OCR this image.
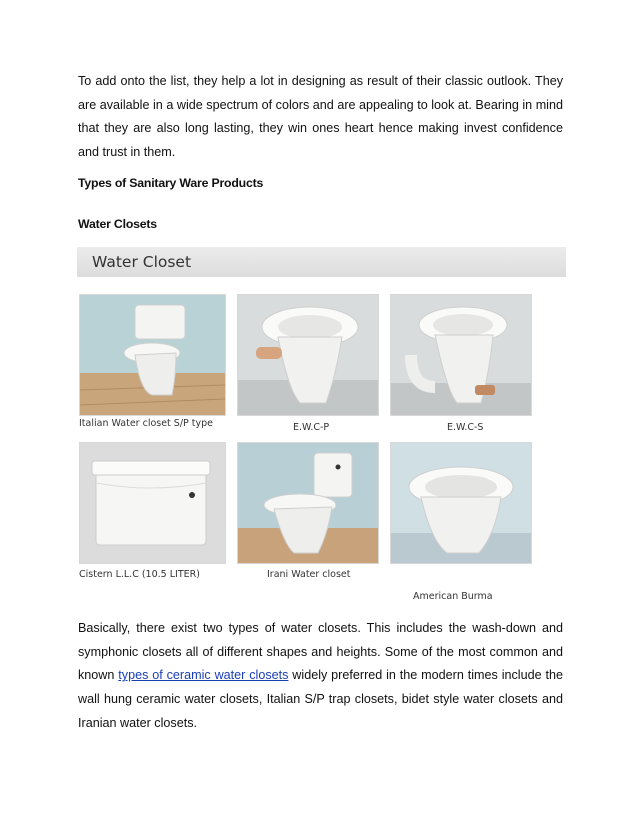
To add onto the list, they help a lot in designing as result of their classic outlook. They are available in a wide spectrum of colors and are appealing to look at. Bearing in mind that they are also long lasting, they win ones heart hence making invest confidence and trust in them.

Types of Sanitary Ware Products

Water Closets

Water Closet
Italian Water closet S/P type	E.W.C-P	E.W.C-S
Cistern L.L.C (10.5 LITER)	Irani Water closet
American Burma

Basically, there exist two types of water closets. This includes the wash-down and symphonic closets all of different shapes and heights. Some of the most common and known types of ceramic water closets widely preferred in the modern times include the wall hung ceramic water closets, Italian S/P trap closets, bidet style water closets and Iranian water closets.
